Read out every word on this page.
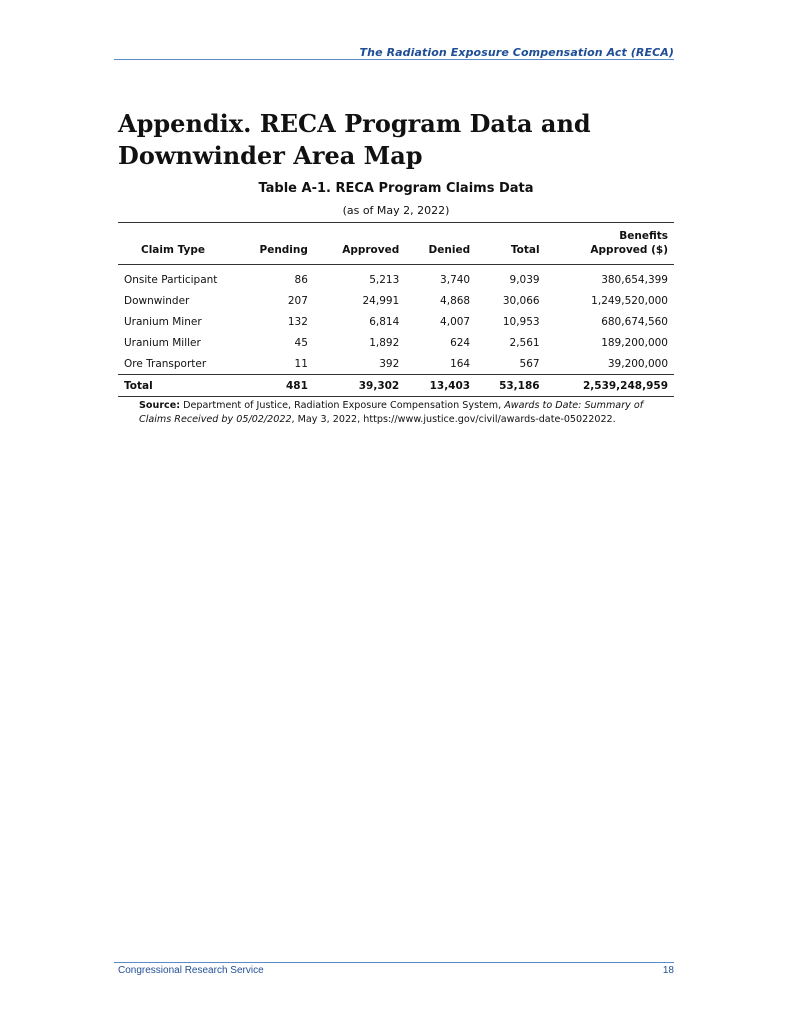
The Radiation Exposure Compensation Act (RECA)
Appendix. RECA Program Data and Downwinder Area Map
Table A-1. RECA Program Claims Data
(as of May 2, 2022)
Claim Type	Pending	Approved	Denied	Total	Benefits
Approved ($)
Onsite Participant	86	5,213	3,740	9,039	380,654,399
Downwinder	207	24,991	4,868	30,066	1,249,520,000
Uranium Miner	132	6,814	4,007	10,953	680,674,560
Uranium Miller	45	1,892	624	2,561	189,200,000
Ore Transporter	11	392	164	567	39,200,000
Total	481	39,302	13,403	53,186	2,539,248,959
Source: Department of Justice, Radiation Exposure Compensation System, Awards to Date: Summary of Claims Received by 05/02/2022, May 3, 2022, https://www.justice.gov/civil/awards-date-05022022.
Congressional Research Service	18
